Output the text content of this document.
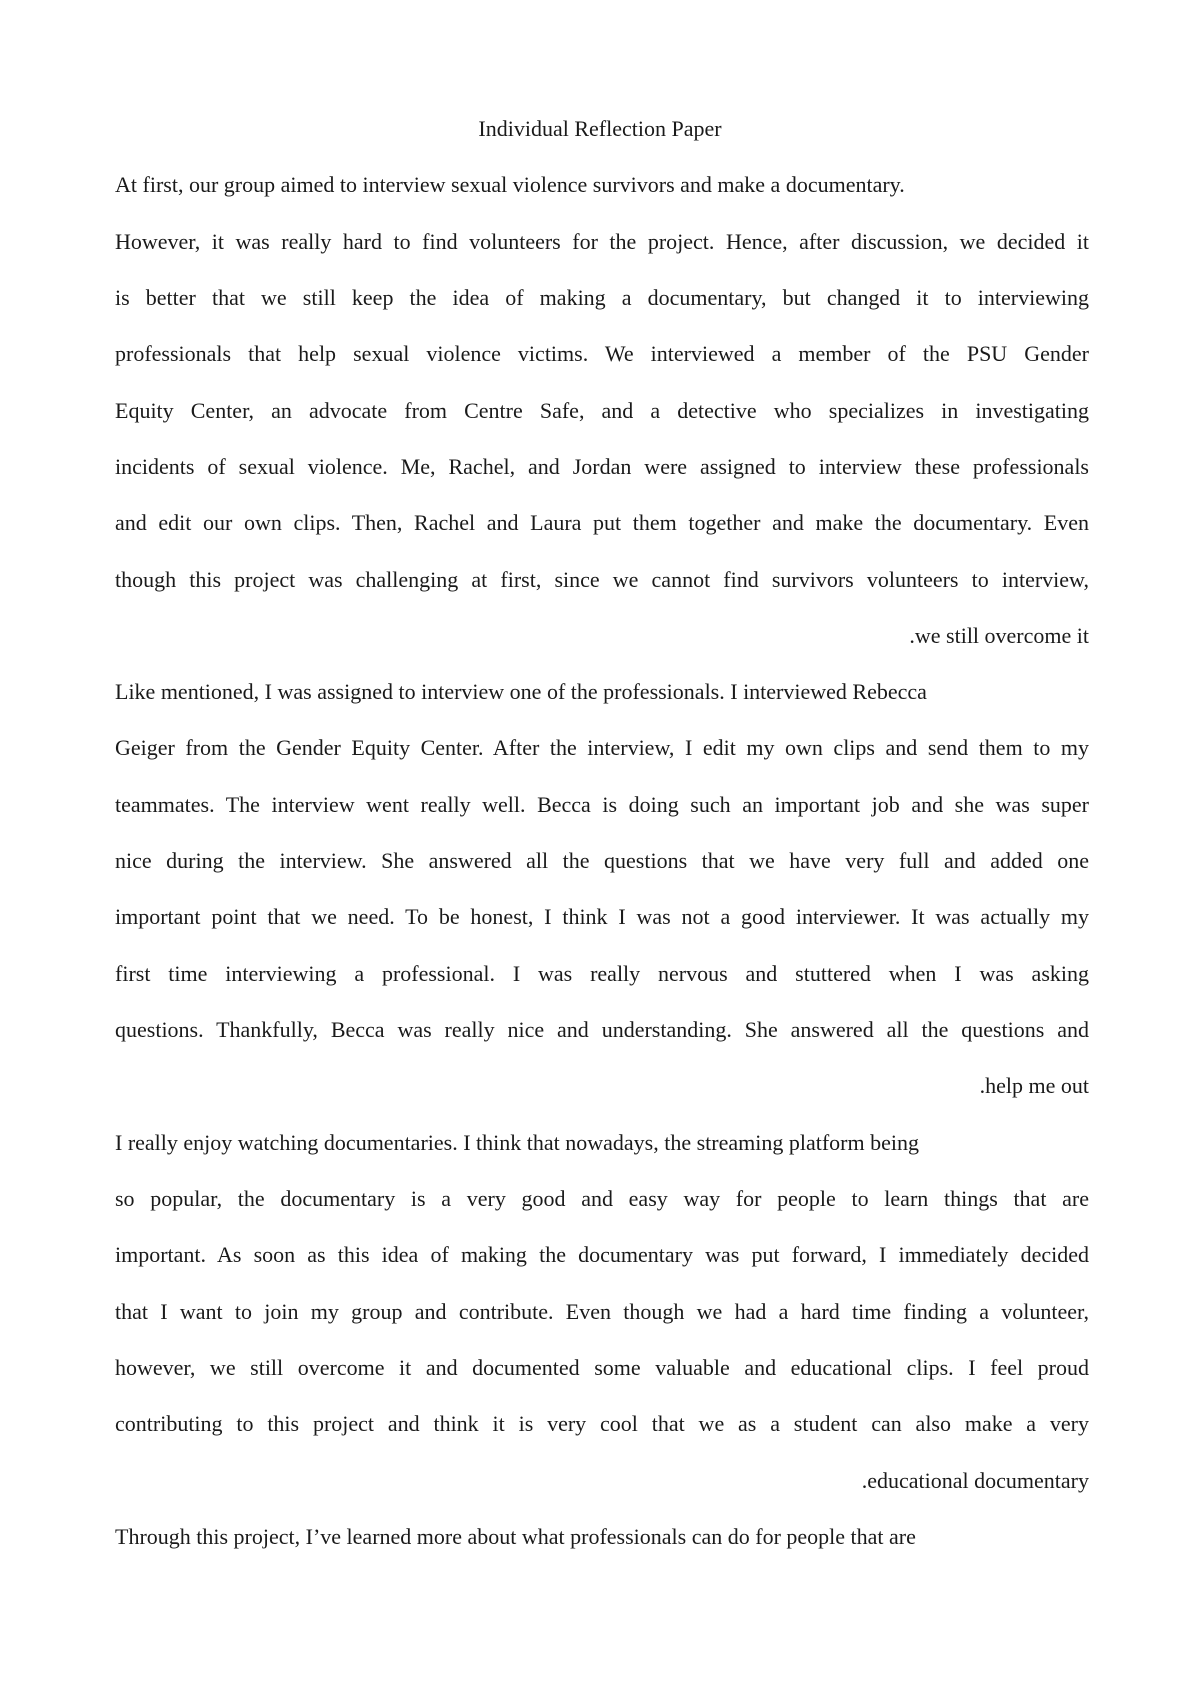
Individual Reflection Paper
At first, our group aimed to interview sexual violence survivors and make a documentary.
However, it was really hard to find volunteers for the project. Hence, after discussion, we decided it
is better that we still keep the idea of making a documentary, but changed it to interviewing
professionals that help sexual violence victims. We interviewed a member of the PSU Gender
Equity Center, an advocate from Centre Safe, and a detective who specializes in investigating
incidents of sexual violence. Me, Rachel, and Jordan were assigned to interview these professionals
and edit our own clips. Then, Rachel and Laura put them together and make the documentary. Even
though this project was challenging at first, since we cannot find survivors volunteers to interview,
.we still overcome it
Like mentioned, I was assigned to interview one of the professionals. I interviewed Rebecca
Geiger from the Gender Equity Center. After the interview, I edit my own clips and send them to my
teammates. The interview went really well. Becca is doing such an important job and she was super
nice during the interview. She answered all the questions that we have very full and added one
important point that we need. To be honest, I think I was not a good interviewer. It was actually my
first time interviewing a professional. I was really nervous and stuttered when I was asking
questions. Thankfully, Becca was really nice and understanding. She answered all the questions and
.help me out
I really enjoy watching documentaries. I think that nowadays, the streaming platform being
so popular, the documentary is a very good and easy way for people to learn things that are
important. As soon as this idea of making the documentary was put forward, I immediately decided
that I want to join my group and contribute. Even though we had a hard time finding a volunteer,
however, we still overcome it and documented some valuable and educational clips. I feel proud
contributing to this project and think it is very cool that we as a student can also make a very
.educational documentary
Through this project, I’ve learned more about what professionals can do for people that are
